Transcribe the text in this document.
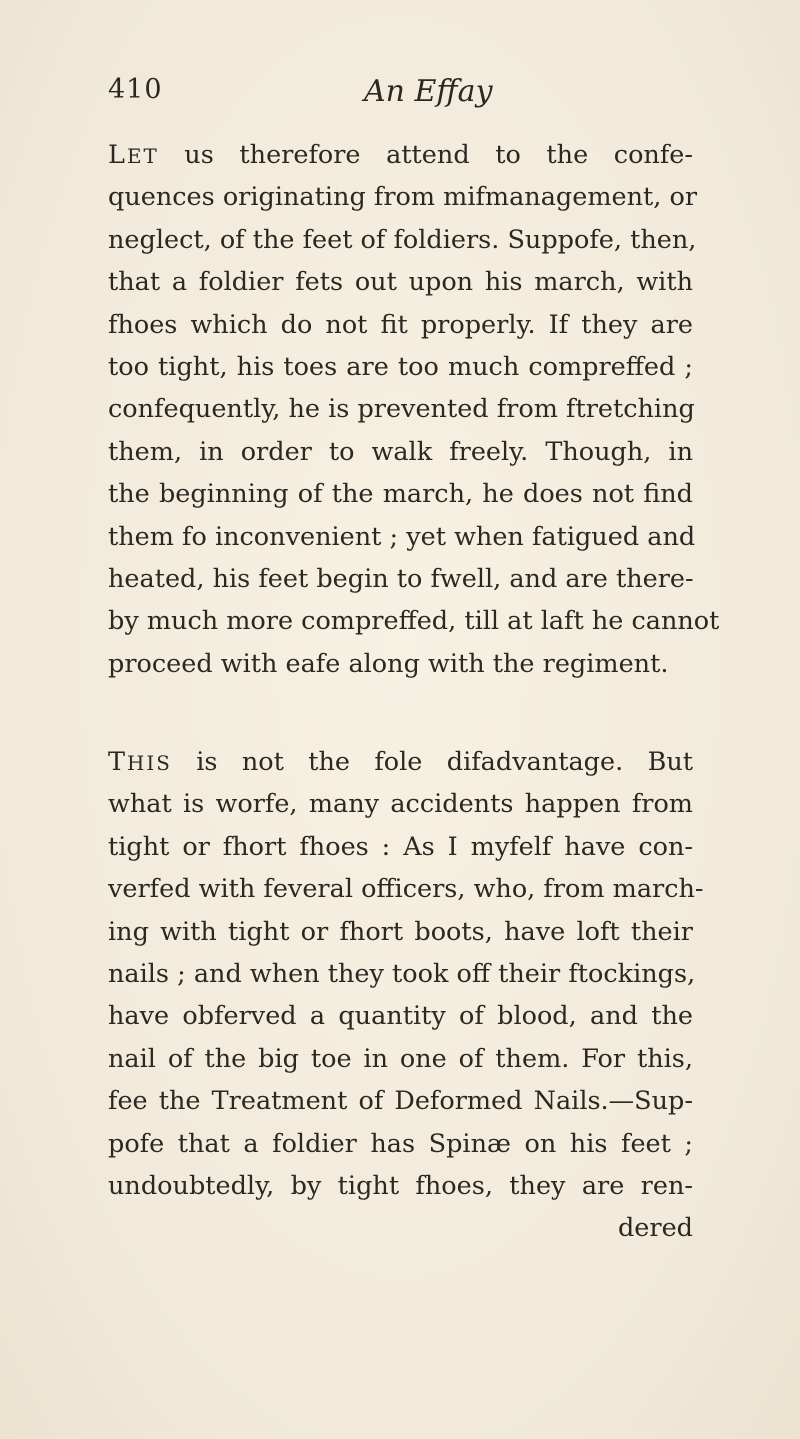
410	An Effay
LET us therefore attend to the confe-
quences originating from mifmanagement, or
neglect, of the feet of foldiers. Suppofe, then,
that a foldier fets out upon his march, with
fhoes which do not fit properly. If they are
too tight, his toes are too much compreffed ;
confequently, he is prevented from ftretching
them, in order to walk freely. Though, in
the beginning of the march, he does not find
them fo inconvenient ; yet when fatigued and
heated, his feet begin to fwell, and are there-
by much more compreffed, till at laft he cannot
proceed with eafe along with the regiment.
THIS is not the fole difadvantage. But
what is worfe, many accidents happen from
tight or fhort fhoes : As I myfelf have con-
verfed with feveral officers, who, from march-
ing with tight or fhort boots, have loft their
nails ; and when they took off their ftockings,
have obferved a quantity of blood, and the
nail of the big toe in one of them. For this,
fee the Treatment of Deformed Nails.—Sup-
pofe that a foldier has Spinæ on his feet ;
undoubtedly, by tight fhoes, they are ren-
dered
